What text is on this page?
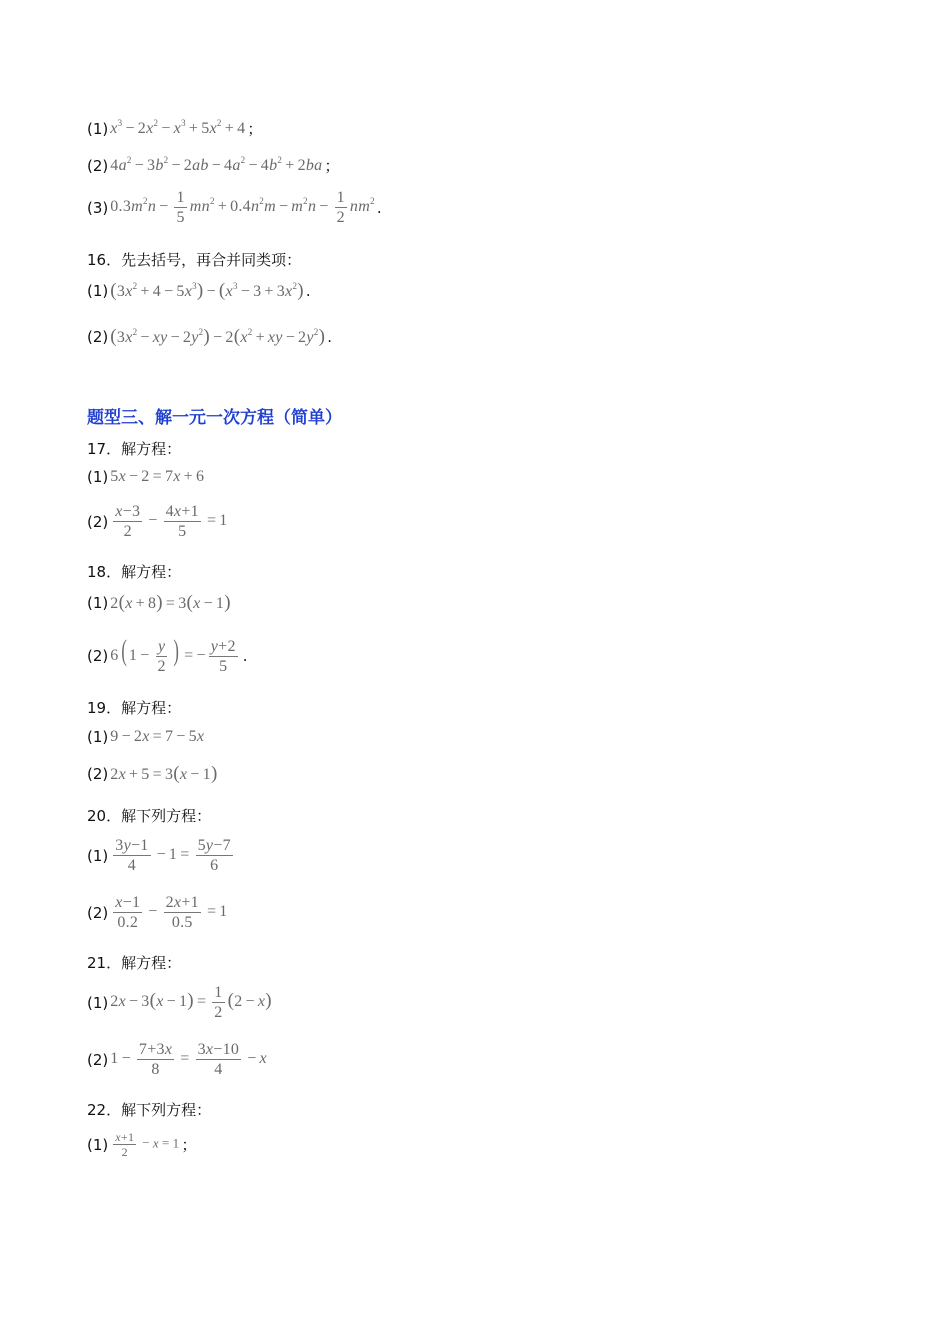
(1) $x^3 - 2x^2 - x^3 + 5x^2 + 4$ ；
(2) $4a^2 - 3b^2 - 2ab - 4a^2 - 4b^2 + 2ba$ ；
(3) $0.3m^2n - \frac{1}{5} mn^2 + 0.4n^2m - m^2n - \frac{1}{2} nm^2$ .
16．先去括号，再合并同类项：
(1) $(3x^2 + 4 - 5x^3) - (x^3 - 3 + 3x^2)$ .
(2) ($3x^2$ − xy − $2y^2) - 2(x^2$ + xy − $2y^2$) .
题型三、解一元一次方程（简单）
17．解方程：
(1) 5x − 2 = 7x + 6
$(2) \frac{x-3}{2} - \frac{4x+1}{5} = 1$
18．解方程：
(1) 2(x + 8) = 3(x − 1)
(2) 6( $1 - \frac{y}{2}$ ) = − $\frac{y+2}{5}$ .
19．解方程：
(1) 9 − 2x = 7 − 5x
(2) 2x + 5 = 3(x − 1)
20．解下列方程：
$(1) \frac{3y-1}{4} - 1 = \frac{5y-7}{6}$
$(2) \frac{x-1}{0.2} - \frac{2x+1}{0.5} = 1$
21．解方程：
(1) $2x - 3(x - 1) = \frac{1}{2} (2 - x)$
(2) $1 - \frac{7+3x}{8} = \frac{3x-10}{4} - x$
22．解下列方程：
$(1) \frac{x+1}{2} - x = 1$ ；
